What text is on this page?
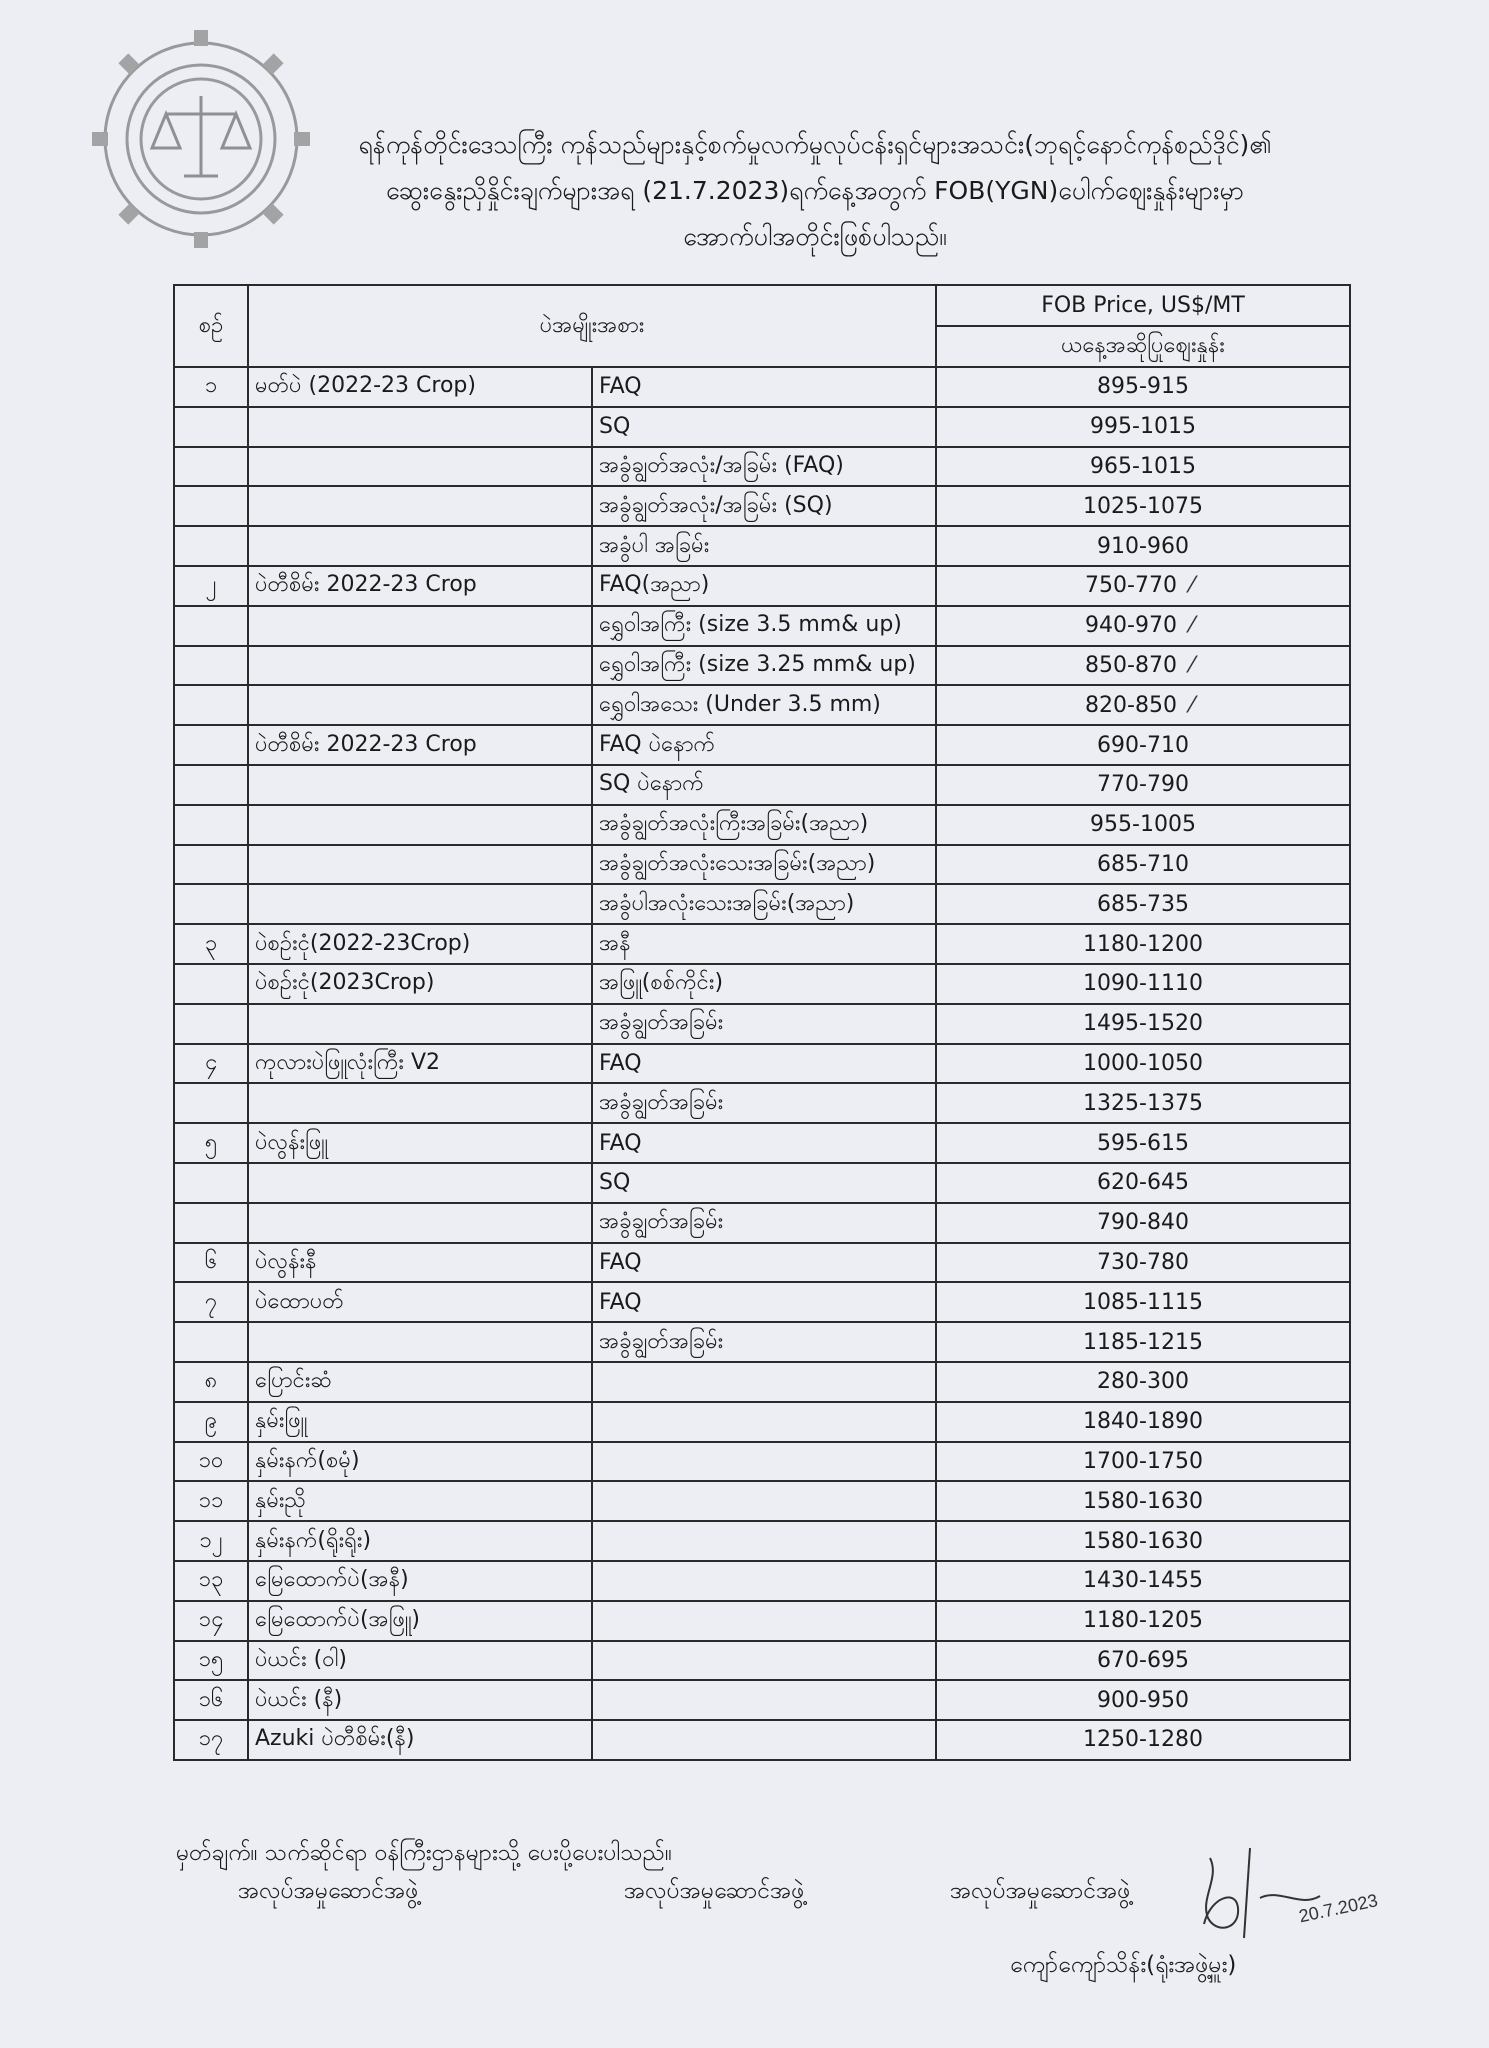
ရန်ကုန်တိုင်းဒေသကြီး ကုန်သည်များနှင့်စက်မှုလက်မှုလုပ်ငန်းရှင်များအသင်း(ဘုရင့်နောင်ကုန်စည်ဒိုင်)၏
ဆွေးနွေးညှိနှိုင်းချက်များအရ (21.7.2023)ရက်နေ့အတွက် FOB(YGN)ပေါက်ဈေးနှုန်းများမှာ
အောက်ပါအတိုင်းဖြစ်ပါသည်။
စဉ်	ပဲအမျိုးအစား		FOB Price, US$/MT
			ယနေ့အဆိုပြုဈေးနှုန်း
၁	မတ်ပဲ (2022-23 Crop)	FAQ	895-915
		SQ	995-1015
		အခွံချွတ်အလုံး/အခြမ်း (FAQ)	965-1015
		အခွံချွတ်အလုံး/အခြမ်း (SQ)	1025-1075
		အခွံပါ အခြမ်း	910-960
၂	ပဲတီစိမ်း 2022-23 Crop	FAQ(အညာ)	750-770 ⁄
		ရွှေဝါအကြီး (size 3.5 mm& up)	940-970 ⁄
		ရွှေဝါအကြီး (size 3.25 mm& up)	850-870 ⁄
		ရွှေဝါအသေး (Under 3.5 mm)	820-850 ⁄
	ပဲတီစိမ်း 2022-23 Crop	FAQ ပဲနောက်	690-710
		SQ ပဲနောက်	770-790
		အခွံချွတ်အလုံးကြီးအခြမ်း(အညာ)	955-1005
		အခွံချွတ်အလုံးသေးအခြမ်း(အညာ)	685-710
		အခွံပါအလုံးသေးအခြမ်း(အညာ)	685-735
၃	ပဲစဉ်းငုံ(2022-23Crop)	အနီ	1180-1200
	ပဲစဉ်းငုံ(2023Crop)	အဖြူ(စစ်ကိုင်း)	1090-1110
		အခွံချွတ်အခြမ်း	1495-1520
၄	ကုလားပဲဖြူလုံးကြီး V2	FAQ	1000-1050
		အခွံချွတ်အခြမ်း	1325-1375
၅	ပဲလွန်းဖြူ	FAQ	595-615
		SQ	620-645
		အခွံချွတ်အခြမ်း	790-840
၆	ပဲလွန်းနီ	FAQ	730-780
၇	ပဲထောပတ်	FAQ	1085-1115
		အခွံချွတ်အခြမ်း	1185-1215
၈	ပြောင်းဆံ		280-300
၉	နှမ်းဖြူ		1840-1890
၁၀	နှမ်းနက်(စမုံ)		1700-1750
၁၁	နှမ်းညို		1580-1630
၁၂	နှမ်းနက်(ရိုးရိုး)		1580-1630
၁၃	မြေထောက်ပဲ(အနီ)		1430-1455
၁၄	မြေထောက်ပဲ(အဖြူ)		1180-1205
၁၅	ပဲယင်း (ဝါ)		670-695
၁၆	ပဲယင်း (နီ)		900-950
၁၇	Azuki ပဲတီစိမ်း(နီ)		1250-1280
မှတ်ချက်။ သက်ဆိုင်ရာ ဝန်ကြီးဌာနများသို့ ပေးပို့ပေးပါသည်။
အလုပ်အမှုဆောင်အဖွဲ့	အလုပ်အမှုဆောင်အဖွဲ့	အလုပ်အမှုဆောင်အဖွဲ့	20.7.2023
ကျော်ကျော်သိန်း(ရုံးအဖွဲ့မှူး)
